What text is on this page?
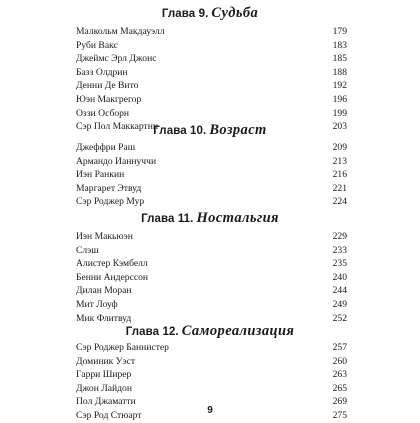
Глава 9. Судьба
Малкольм Макдауэлл	179
Руби Вакс	183
Джеймс Эрл Джонс	185
Базз Олдрин	188
Денни Де Вито	192
Юэн Макгрегор	196
Оззи Осборн	199
Сэр Пол Маккартни	203
Глава 10. Возраст
Джеффри Раш	209
Армандо Ианнуччи	213
Иэн Ранкин	216
Маргарет Этвуд	221
Сэр Роджер Мур	224
Глава 11. Ностальгия
Иэн Макьюэн	229
Слэш	233
Алистер Кэмбелл	235
Бенни Андерссон	240
Дилан Моран	244
Мит Лоуф	249
Мик Флитвуд	252
Глава 12. Самореализация
Сэр Роджер Баннистер	257
Доминик Уэст	260
Гарри Ширер	263
Джон Лайдон	265
Пол Джаматти	269
Сэр Род Стюарт	275
9
